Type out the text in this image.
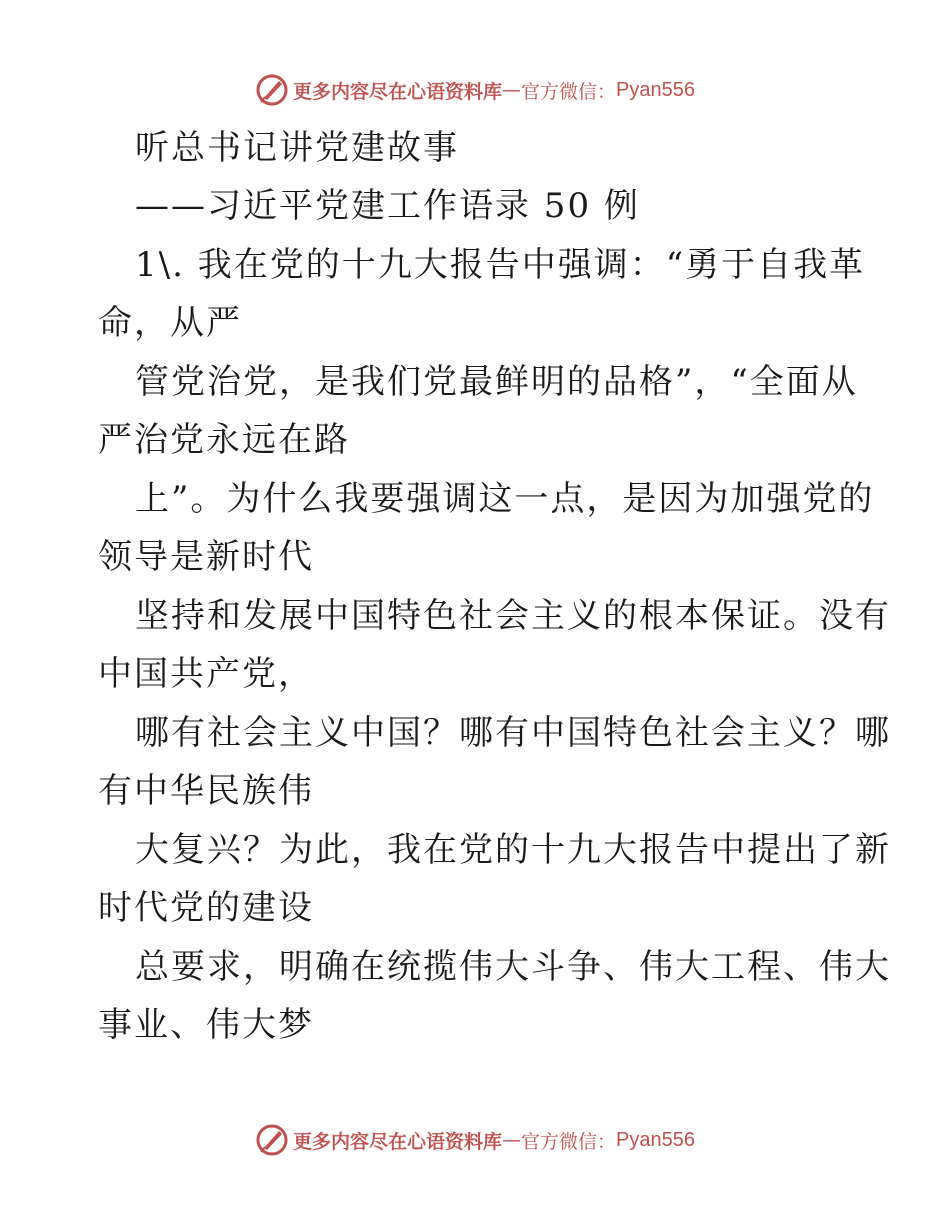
更多内容尽在心语资料库 — 官方微信： Pyan556
听总书记讲党建故事
——习近平党建工作语录 50 例
1\. 我在党的十九大报告中强调：“勇于自我革
命，从严
管党治党，是我们党最鲜明的品格”，“全面从
严治党永远在路
上”。为什么我要强调这一点，是因为加强党的
领导是新时代
坚持和发展中国特色社会主义的根本保证。没有
中国共产党，
哪有社会主义中国？哪有中国特色社会主义？哪
有中华民族伟
大复兴？为此，我在党的十九大报告中提出了新
时代党的建设
总要求，明确在统揽伟大斗争、伟大工程、伟大
事业、伟大梦
更多内容尽在心语资料库 — 官方微信： Pyan556
